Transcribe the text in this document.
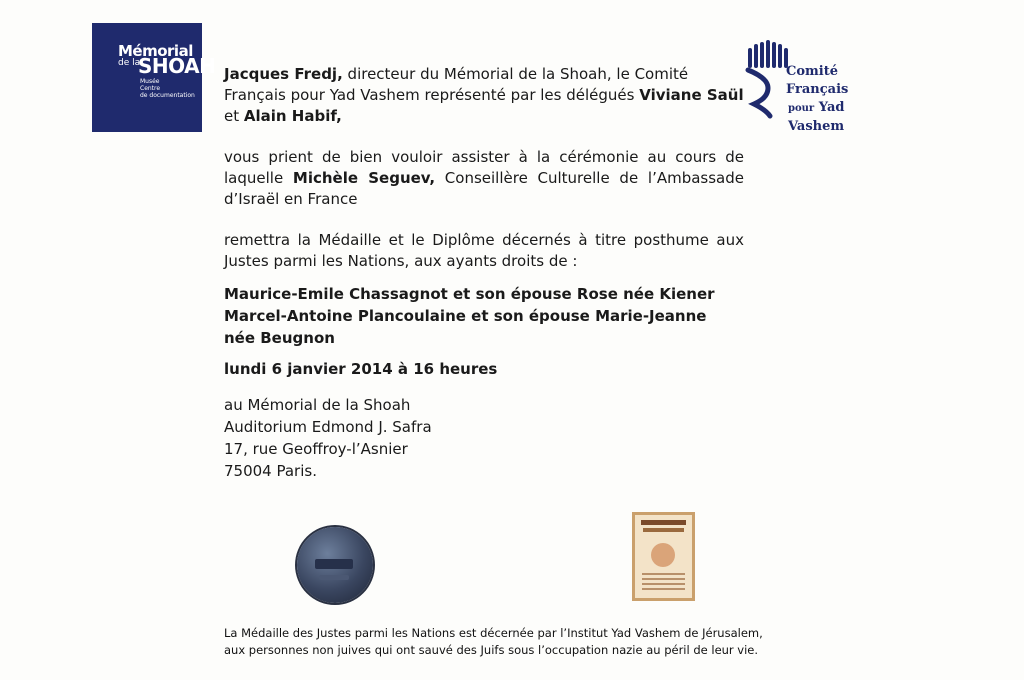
Mémorial
de la
SHOAH
Musée
Centre
de documentation
Comité Français
pour Yad Vashem

Jacques Fredj, directeur du Mémorial de la Shoah, le Comité Français pour Yad Vashem représenté par les délégués Viviane Saül et Alain Habif,

vous prient de bien vouloir assister à la cérémonie au cours de laquelle Michèle Seguev, Conseillère Culturelle de l’Ambassade d’Israël en France

remettra la Médaille et le Diplôme décernés à titre posthume aux Justes parmi les Nations, aux ayants droits de :

Maurice-Emile Chassagnot et son épouse Rose née Kiener
Marcel-Antoine Plancoulaine et son épouse Marie-Jeanne
née Beugnon

lundi 6 janvier 2014 à 16 heures

au Mémorial de la Shoah
Auditorium Edmond J. Safra
17, rue Geoffroy-l’Asnier
75004 Paris.

La Médaille des Justes parmi les Nations est décernée par l’Institut Yad Vashem de Jérusalem,

aux personnes non juives qui ont sauvé des Juifs sous l’occupation nazie au péril de leur vie.
